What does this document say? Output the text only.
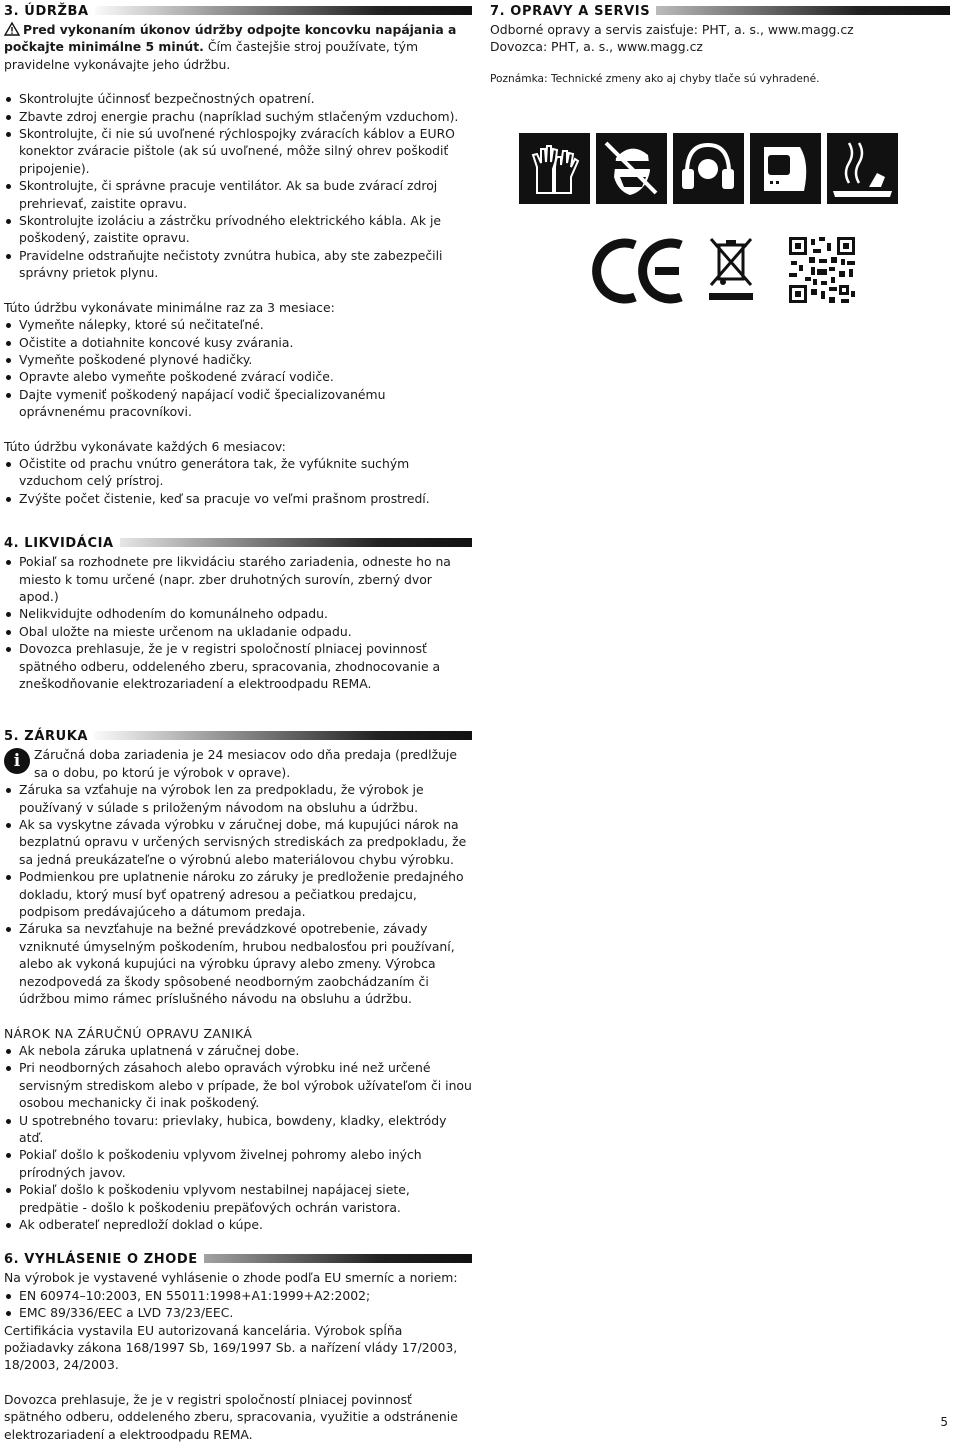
3. ÚDRŽBA

Pred vykonaním úkonov údržby odpojte koncovku napájania a počkajte minimálne 5 minút. Čím častejšie stroj používate, tým pravidelne vykonávajte jeho údržbu.

Skontrolujte účinnosť bezpečnostných opatrení.
Zbavte zdroj energie prachu (napríklad suchým stlačeným vzduchom).
Skontrolujte, či nie sú uvoľnené rýchlospojky zváracích káblov a EURO konektor zváracie pištole (ak sú uvoľnené, môže silný ohrev poškodiť pripojenie).
Skontrolujte, či správne pracuje ventilátor. Ak sa bude zvárací zdroj prehrievať, zaistite opravu.
Skontrolujte izoláciu a zástrčku prívodného elektrického kábla. Ak je poškodený, zaistite opravu.
Pravidelne odstraňujte nečistoty zvnútra hubica, aby ste zabezpečili správny prietok plynu.

Túto údržbu vykonávate minimálne raz za 3 mesiace:

Vymeňte nálepky, ktoré sú nečitateľné.
Očistite a dotiahnite koncové kusy zvárania.
Vymeňte poškodené plynové hadičky.
Opravte alebo vymeňte poškodené zvárací vodiče.
Dajte vymeniť poškodený napájací vodič špecializovanému oprávnenému pracovníkovi.

Túto údržbu vykonávate každých 6 mesiacov:

Očistite od prachu vnútro generátora tak, že vyfúknite suchým vzduchom celý prístroj.
Zvýšte počet čistenie, keď sa pracuje vo veľmi prašnom prostredí.
4. LIKVIDÁCIA
Pokiaľ sa rozhodnete pre likvidáciu starého zariadenia, odneste ho na miesto k tomu určené (napr. zber druhotných surovín, zberný dvor apod.)
Nelikvidujte odhodením do komunálneho odpadu.
Obal uložte na mieste určenom na ukladanie odpadu.
Dovozca prehlasuje, že je v registri spoločností plniacej povinnosť spätného odberu, oddeleného zberu, spracovania, zhodnocovanie a zneškodňovanie elektrozariadení a elektroodpadu REMA.
5. ZÁRUKA
i	Záručná doba zariadenia je 24 mesiacov odo dňa predaja (predlžuje sa o dobu, po ktorú je výrobok v oprave).

Záruka sa vzťahuje na výrobok len za predpokladu, že výrobok je používaný v súlade s priloženým návodom na obsluhu a údržbu.
Ak sa vyskytne závada výrobku v záručnej dobe, má kupujúci nárok na bezplatnú opravu v určených servisných strediskách za predpokladu, že sa jedná preukázateľne o výrobnú alebo materiálovou chybu výrobku.
Podmienkou pre uplatnenie nároku zo záruky je predloženie predajného dokladu, ktorý musí byť opatrený adresou a pečiatkou predajcu, podpisom predávajúceho a dátumom predaja.
Záruka sa nevzťahuje na bežné prevádzkové opotrebenie, závady vzniknuté úmyselným poškodením, hrubou nedbalosťou pri používaní, alebo ak vykoná kupujúci na výrobku úpravy alebo zmeny. Výrobca nezodpovedá za škody spôsobené neodborným zaobchádzaním či údržbou mimo rámec príslušného návodu na obsluhu a údržbu.

NÁROK NA ZÁRUČNÚ OPRAVU ZANIKÁ

Ak nebola záruka uplatnená v záručnej dobe.
Pri neodborných zásahoch alebo opravách výrobku iné než určené servisným strediskom alebo v prípade, že bol výrobok užívateľom či inou osobou mechanicky či inak poškodený.
U spotrebného tovaru: prievlaky, hubica, bowdeny, kladky, elektródy atď.
Pokiaľ došlo k poškodeniu vplyvom živelnej pohromy alebo iných prírodných javov.
Pokiaľ došlo k poškodeniu vplyvom nestabilnej napájacej siete, predpätie - došlo k poškodeniu prepäťových ochrán varistora.
Ak odberateľ nepredloží doklad o kúpe.
6. VYHLÁSENIE O ZHODE

Na výrobok je vystavené vyhlásenie o zhode podľa EU smerníc a noriem:

EN 60974–10:2003, EN 55011:1998+A1:1999+A2:2002;
EMC 89/336/EEC a LVD 73/23/EEC.

Certifikácia vystavila EU autorizovaná kancelária. Výrobok spĺňa požiadavky zákona 168/1997 Sb, 169/1997 Sb. a nařízení vlády 17/2003, 18/2003, 24/2003.

Dovozca prehlasuje, že je v registri spoločností plniacej povinnosť spätného odberu, oddeleného zberu, spracovania, využitie a odstránenie elektrozariadení a elektroodpadu REMA.

7. OPRAVY A SERVIS

Odborné opravy a servis zaisťuje: PHT, a. s., www.magg.cz

Dovozca: PHT, a. s., www.magg.cz

Poznámka: Technické zmeny ako aj chyby tlače sú vyhradené.

5
